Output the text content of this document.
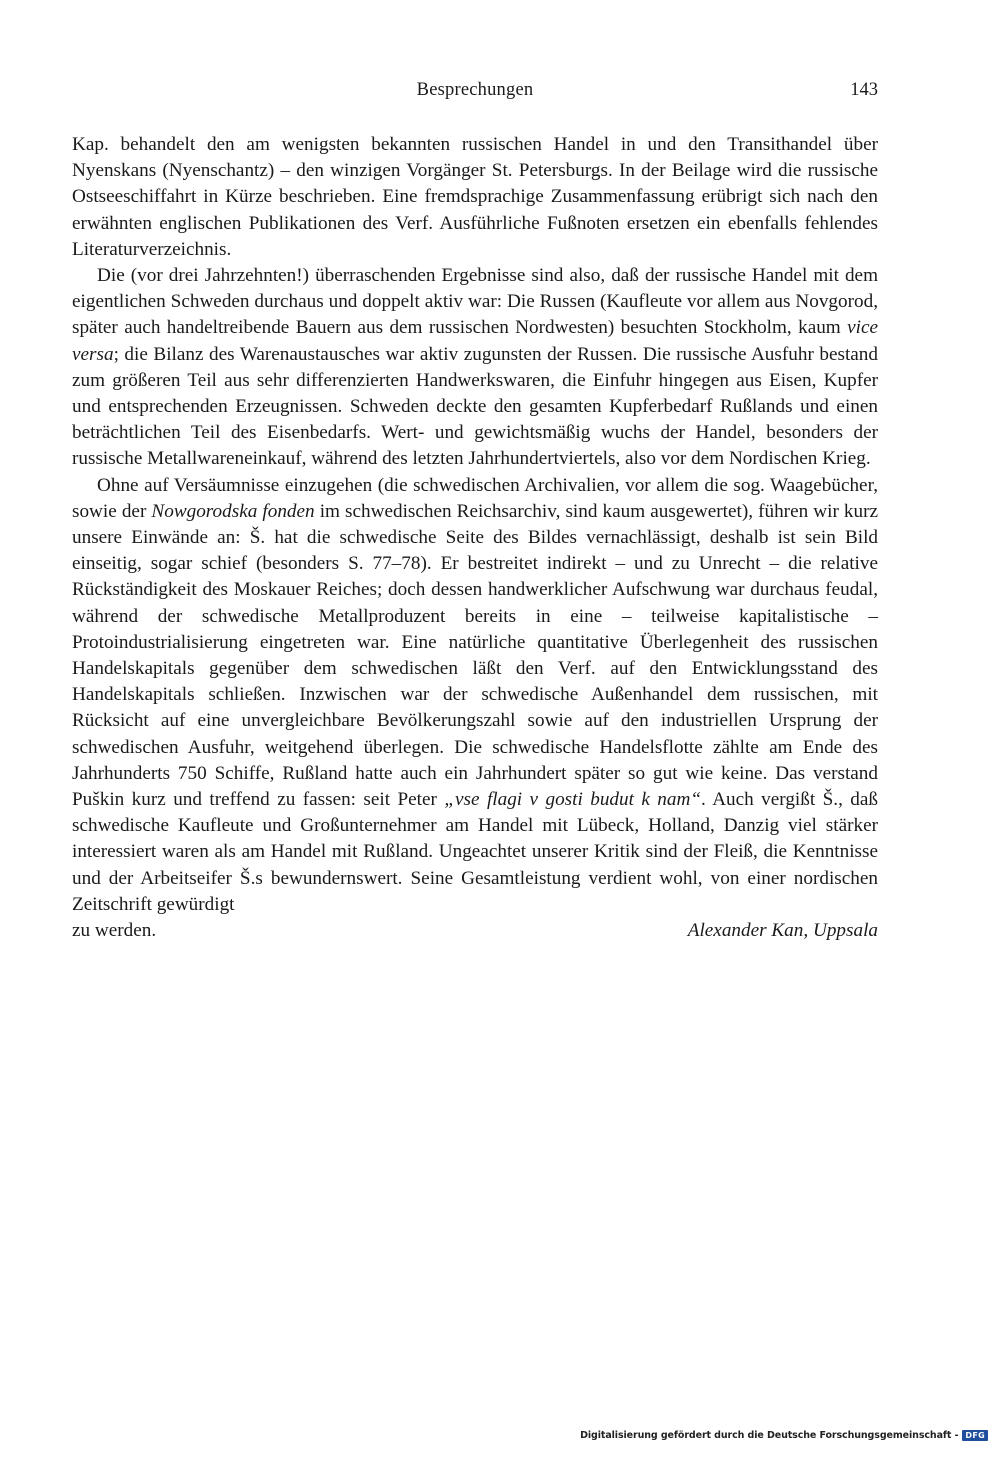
Besprechungen	143

Kap. behandelt den am wenigsten bekannten russischen Handel in und den Transithandel über Nyenskans (Nyenschantz) – den winzigen Vorgänger St. Petersburgs. In der Beilage wird die russische Ostseeschiffahrt in Kürze beschrieben. Eine fremdsprachige Zusammenfassung erübrigt sich nach den erwähnten englischen Publikationen des Verf. Ausführliche Fußnoten ersetzen ein ebenfalls fehlendes Literaturverzeichnis.

Die (vor drei Jahrzehnten!) überraschenden Ergebnisse sind also, daß der russische Handel mit dem eigentlichen Schweden durchaus und doppelt aktiv war: Die Russen (Kaufleute vor allem aus Novgorod, später auch handeltreibende Bauern aus dem russischen Nordwesten) besuchten Stockholm, kaum vice versa; die Bilanz des Warenaustausches war aktiv zugunsten der Russen. Die russische Ausfuhr bestand zum größeren Teil aus sehr differenzierten Handwerkswaren, die Einfuhr hingegen aus Eisen, Kupfer und entsprechenden Erzeugnissen. Schweden deckte den gesamten Kupferbedarf Rußlands und einen beträchtlichen Teil des Eisenbedarfs. Wert- und gewichtsmäßig wuchs der Handel, besonders der russische Metallwareneinkauf, während des letzten Jahrhundertviertels, also vor dem Nordischen Krieg.

Ohne auf Versäumnisse einzugehen (die schwedischen Archivalien, vor allem die sog. Waagebücher, sowie der Nowgorodska fonden im schwedischen Reichsarchiv, sind kaum ausgewertet), führen wir kurz unsere Einwände an: Š. hat die schwedische Seite des Bildes vernachlässigt, deshalb ist sein Bild einseitig, sogar schief (besonders S. 77–78). Er bestreitet indirekt – und zu Unrecht – die relative Rückständigkeit des Moskauer Reiches; doch dessen handwerklicher Aufschwung war durchaus feudal, während der schwedische Metallproduzent bereits in eine – teilweise kapitalistische – Protoindustrialisierung eingetreten war. Eine natürliche quantitative Überlegenheit des russischen Handelskapitals gegenüber dem schwedischen läßt den Verf. auf den Entwicklungsstand des Handelskapitals schließen. Inzwischen war der schwedische Außenhandel dem russischen, mit Rücksicht auf eine unvergleichbare Bevölkerungszahl sowie auf den industriellen Ursprung der schwedischen Ausfuhr, weitgehend überlegen. Die schwedische Handelsflotte zählte am Ende des Jahrhunderts 750 Schiffe, Rußland hatte auch ein Jahrhundert später so gut wie keine. Das verstand Puškin kurz und treffend zu fassen: seit Peter „vse flagi v gosti budut k nam“. Auch vergißt Š., daß schwedische Kaufleute und Großunternehmer am Handel mit Lübeck, Holland, Danzig viel stärker interessiert waren als am Handel mit Rußland. Ungeachtet unserer Kritik sind der Fleiß, die Kenntnisse und der Arbeitseifer Š.s bewundernswert. Seine Gesamtleistung verdient wohl, von einer nordischen Zeitschrift gewürdigt

zu werden.	Alexander Kan, Uppsala
Digitalisierung gefördert durch die Deutsche Forschungsgemeinschaft - DFG
